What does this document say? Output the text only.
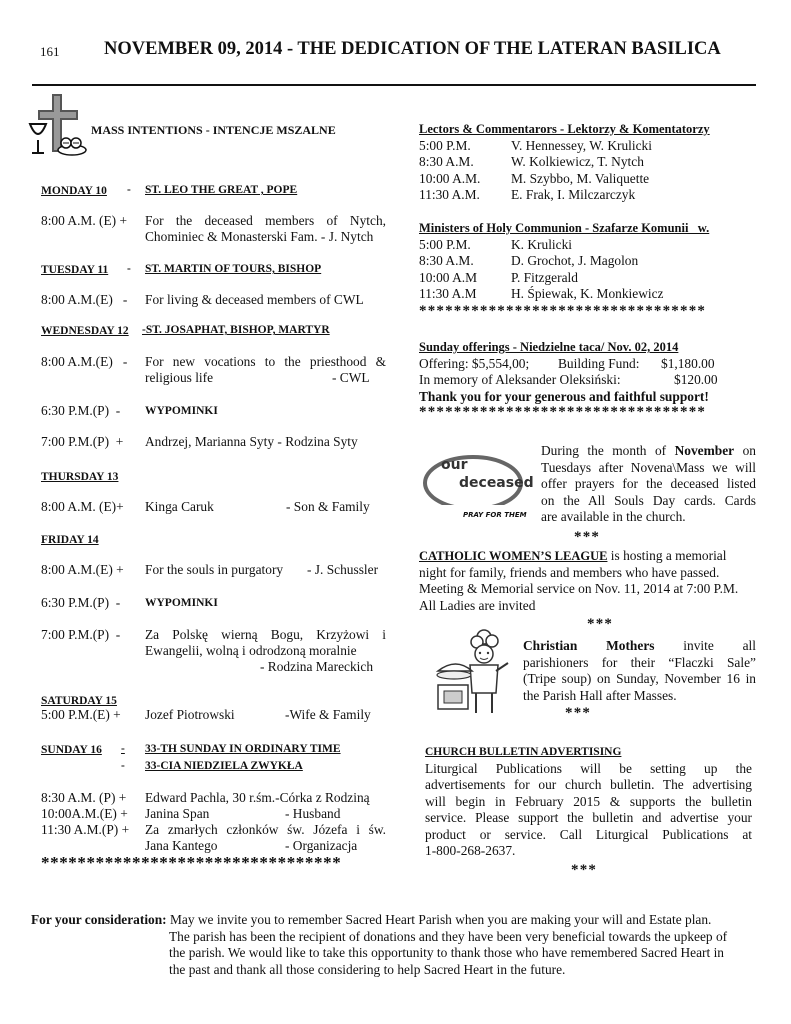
161 NOVEMBER 09, 2014 - THE DEDICATION OF THE LATERAN BASILICA
MASS INTENTIONS - INTENCJE MSZALNE
MONDAY 10 - ST. LEO THE GREAT , POPE
8:00 A.M. (E) + For the deceased members of Nytch,
Chominiec & Monasterski Fam. - J. Nytch
TUESDAY 11 - ST. MARTIN OF TOURS, BISHOP
8:00 A.M.(E)   - For living & deceased members of CWL
WEDNESDAY 12 -ST. JOSAPHAT, BISHOP, MARTYR
8:00 A.M.(E)   - For new vocations to the priesthood &
religious life	- CWL
6:30 P.M.(P)  - WYPOMINKI
7:00 P.M.(P)  + Andrzej, Marianna Syty - Rodzina Syty
THURSDAY 13
8:00 A.M. (E)+ Kinga Caruk	- Son & Family
FRIDAY 14
8:00 A.M.(E) + For the souls in purgatory - J. Schussler
6:30 P.M.(P)  - WYPOMINKI
7:00 P.M.(P)  - Za Polskę wierną Bogu, Krzyżowi i
Ewangelii, wolną i odrodzoną moralnie
- Rodzina Mareckich
SATURDAY 15
5:00 P.M.(E) + Jozef Piotrowski	-Wife & Family
SUNDAY 16 - 33-TH SUNDAY IN ORDINARY TIME
- 33-CIA NIEDZIELA ZWYKŁA
8:30 A.M. (P) + Edward Pachla, 30 r.śm.-Córka z Rodziną
10:00A.M.(E) + Janina Span	- Husband
11:30 A.M.(P) + Za zmarłych członków św. Józefa i św.
Jana Kantego	- Organizacja
*********************************
Lectors & Commentarors - Lektorzy & Komentatorzy
5:00 P.M.	V. Hennessey, W. Krulicki
8:30 A.M.	W. Kolkiewicz, T. Nytch
10:00 A.M. M. Szybbo, M. Valiquette
11:30 A.M. E. Frak, I. Milczarczyk
Ministers of Holy Communion - Szafarze Komunii _w.
5:00 P.M.	K. Krulicki
8:30 A.M.	D. Grochot, J. Magolon
10:00 A.M	P. Fitzgerald
11:30 A.M	H. Śpiewak, K. Monkiewicz
*********************************
Sunday offerings - Niedzielne taca/ Nov. 02, 2014
Offering: $5,554,00; Building Fund: $1,180.00
In memory of Aleksander Oleksiński:	$120.00
Thank you for your generous and faithful support!
*********************************
our
deceased
PRAY FOR THEM
During the month of November on
Tuesdays after Novena\Mass we will
offer prayers for the deceased listed
on the All Souls Day cards. Cards
are available in the church.
***
CATHOLIC WOMEN’S LEAGUE is hosting a memorial
night for family, friends and members who have passed.
Meeting & Memorial service on Nov. 11, 2014 at 7:00 P.M.
All Ladies are invited
***
Christian Mothers invite all
parishioners for their “Flaczki Sale”
(Tripe soup) on Sunday, November 16 in
the Parish Hall after Masses.
***
CHURCH BULLETIN ADVERTISING
Liturgical    Publications    will    be    setting    up    the
advertisements for our church bulletin. The advertising
will begin in February 2015 & supports the bulletin
service. Please support the bulletin and advertise your
product  or  service.  Call  Liturgical  Publications  at
1-800-268-2637.
***
For your consideration: May we invite you to remember Sacred Heart Parish when you are making your will and Estate plan.
The parish has been the recipient of donations and they have been very beneficial towards the upkeep of
the parish. We would like to take this opportunity to thank those who have remembered Sacred Heart in
the past and thank all those considering to help Sacred Heart in the future.
